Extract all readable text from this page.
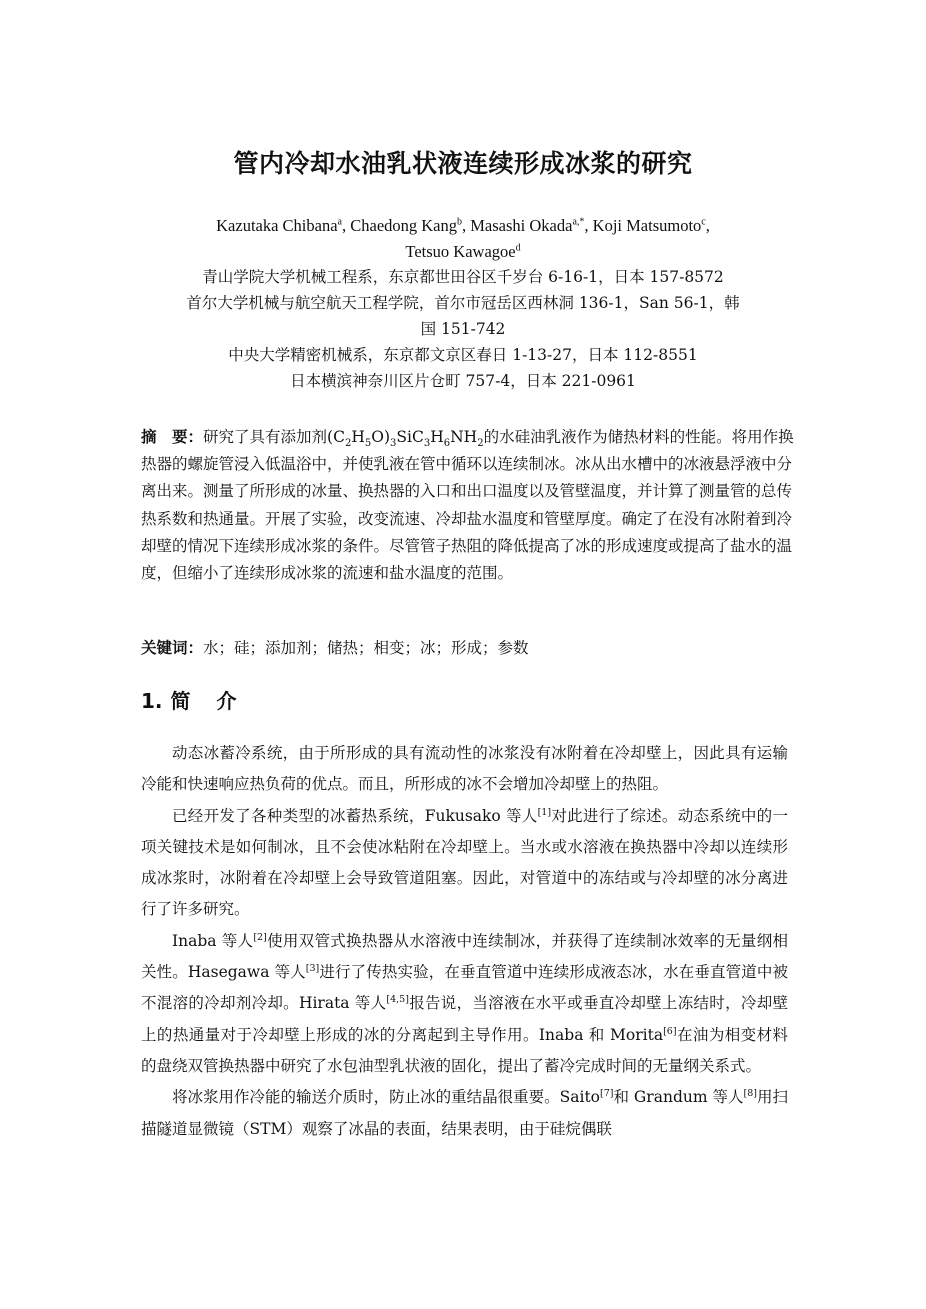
管内冷却水油乳状液连续形成冰浆的研究
Kazutaka Chibana$^a$, Chaedong Kang$^b$, Masashi Okada$^{a,*}$, Koji Matsumoto$^c$,
Tetsuo Kawagoe$^d$
青山学院大学机械工程系，东京都世田谷区千岁台 6-16-1，日本 157-8572
首尔大学机械与航空航天工程学院，首尔市冠岳区西林洞 136-1，San 56-1，韩
国 151-742
中央大学精密机械系，东京都文京区春日 1-13-27，日本 112-8551
日本横滨神奈川区片仓町 757-4，日本 221-0961
摘　要：研究了具有添加剂$(C_2H_5O)_3SiC_3H_6NH_2$的水硅油乳液作为储热材料的性能。将用作换热器的螺旋管浸入低温浴中，并使乳液在管中循环以连续制冰。冰从出水槽中的冰液悬浮液中分离出来。测量了所形成的冰量、换热器的入口和出口温度以及管壁温度，并计算了测量管的总传热系数和热通量。开展了实验，改变流速、冷却盐水温度和管壁厚度。确定了在没有冰附着到冷却壁的情况下连续形成冰浆的条件。尽管管子热阻的降低提高了冰的形成速度或提高了盐水的温度，但缩小了连续形成冰浆的流速和盐水温度的范围。
关键词：水；硅；添加剂；储热；相变；冰；形成；参数
1. 简 介

动态冰蓄冷系统，由于所形成的具有流动性的冰浆没有冰附着在冷却壁上，因此具有运输冷能和快速响应热负荷的优点。而且，所形成的冰不会增加冷却壁上的热阻。

已经开发了各种类型的冰蓄热系统，Fukusako 等人[1]对此进行了综述。动态系统中的一项关键技术是如何制冰，且不会使冰粘附在冷却壁上。当水或水溶液在换热器中冷却以连续形成冰浆时，冰附着在冷却壁上会导致管道阻塞。因此，对管道中的冻结或与冷却壁的冰分离进行了许多研究。

Inaba 等人[2]使用双管式换热器从水溶液中连续制冰，并获得了连续制冰效率的无量纲相关性。Hasegawa 等人[3]进行了传热实验，在垂直管道中连续形成液态冰，水在垂直管道中被不混溶的冷却剂冷却。Hirata 等人[4,5]报告说，当溶液在水平或垂直冷却壁上冻结时，冷却壁上的热通量对于冷却壁上形成的冰的分离起到主导作用。Inaba 和 Morita[6]在油为相变材料的盘绕双管换热器中研究了水包油型乳状液的固化，提出了蓄冷完成时间的无量纲关系式。

将冰浆用作冷能的输送介质时，防止冰的重结晶很重要。Saito[7]和 Grandum 等人[8]用扫描隧道显微镜（STM）观察了冰晶的表面，结果表明，由于硅烷偶联
